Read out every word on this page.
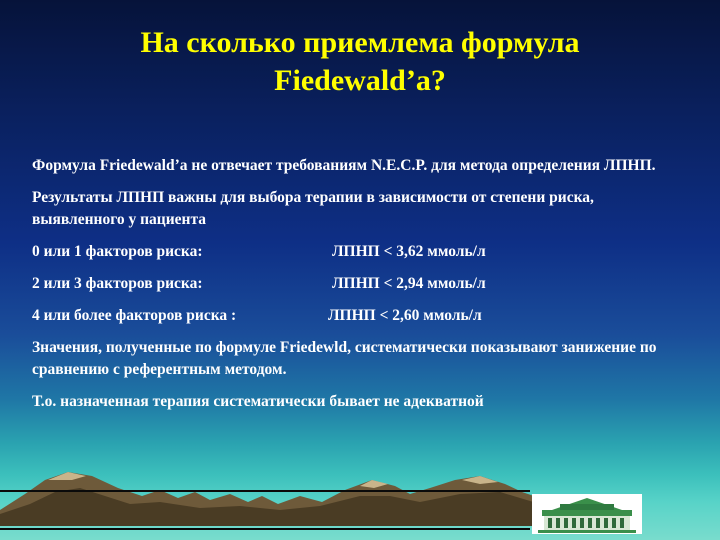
На сколько приемлема формула
Fiedewald’a?

Формула Friedewald’a не отвечает требованиям N.E.C.P. для метода определения ЛПНП.

Результаты ЛПНП важны для выбора терапии в зависимости от степени риска, выявленного у пациента

0 или 1 факторов риска:	ЛПНП < 3,62 ммоль/л
2 или 3 факторов риска:	ЛПНП < 2,94 ммоль/л
4 или более факторов риска :	ЛПНП < 2,60 ммоль/л

Значения, полученные по формуле Friedewld, систематически показывают занижение по сравнению с референтным методом.

Т.о. назначенная терапия систематически бывает не адекватной
